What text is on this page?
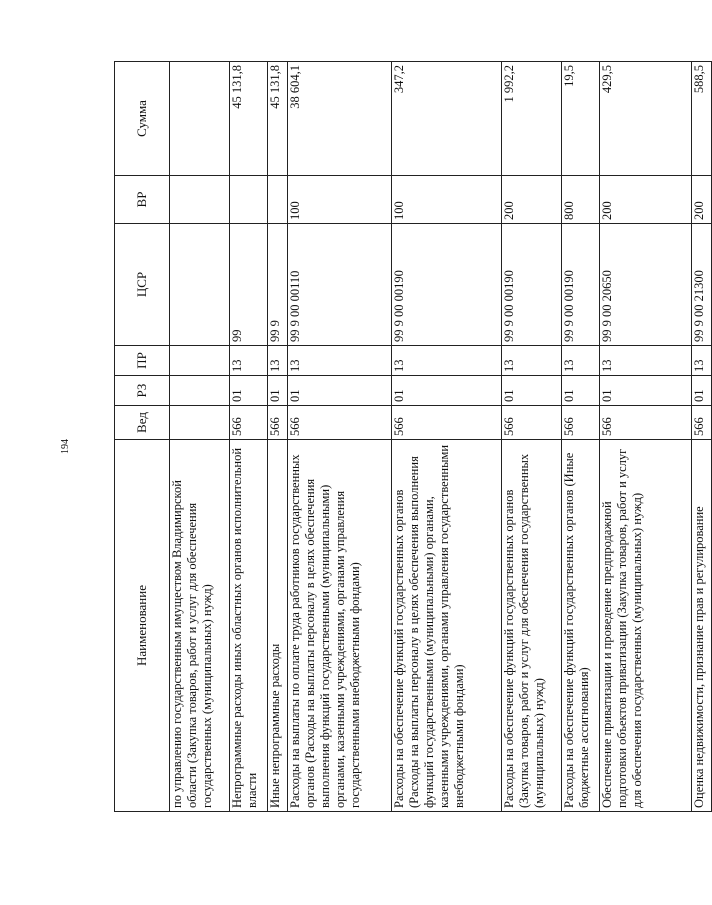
194
Наименование	Вед	РЗ	ПР	ЦСР	ВР	Сумма
по управлению государственным имуществом Владимирской области (Закупка товаров, работ и услуг для обеспечения государственных (муниципальных) нужд)						
Непрограммные расходы иных областных органов исполнительной власти	566	01	13	99		45 131,8
Иные непрограммные расходы	566	01	13	99 9		45 131,8
Расходы на выплаты по оплате труда работников государственных органов (Расходы на выплаты персоналу в целях обеспечения выполнения функций государственными (муниципальными) органами, казенными учреждениями, органами управления государственными внебюджетными фондами)	566	01	13	99 9 00 00110	100	38 604,1
Расходы на обеспечение функций государственных органов (Расходы на выплаты персоналу в целях обеспечения выполнения функций государственными (муниципальными) органами, казенными учреждениями, органами управления государственными внебюджетными фондами)	566	01	13	99 9 00 00190	100	347,2
Расходы на обеспечение функций государственных органов (Закупка товаров, работ и услуг для обеспечения государственных (муниципальных) нужд)	566	01	13	99 9 00 00190	200	1 992,2
Расходы на обеспечение функций государственных органов (Иные бюджетные ассигнования)	566	01	13	99 9 00 00190	800	19,5
Обеспечение приватизации и проведение предпродажной подготовки объектов приватизации (Закупка товаров, работ и услуг для обеспечения государственных (муниципальных) нужд)	566	01	13	99 9 00 20650	200	429,5
Оценка недвижимости, признание прав и регулирование	566	01	13	99 9 00 21300	200	588,5
